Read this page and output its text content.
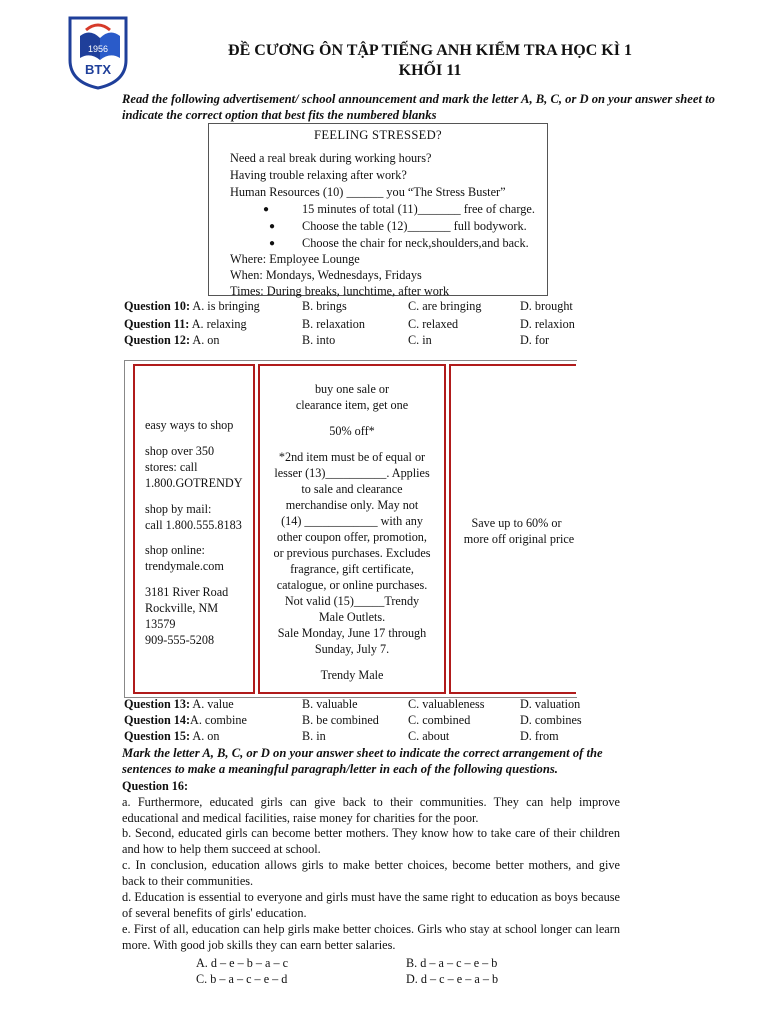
1956
BTX
ĐỀ CƯƠNG ÔN TẬP TIẾNG ANH KIỂM TRA HỌC KÌ 1
KHỐI 11
Read the following advertisement/ school announcement and mark the letter A, B, C, or D on your answer sheet to indicate the correct option that best fits the numbered blanks
FEELING STRESSED?
Need a real break during working hours?
Having trouble relaxing after work?
Human Resources (10) ______ you “The Stress Buster”
●	15 minutes of total (11)_______ free of charge.
● Choose the table (12)_______ full bodywork.
● Choose the chair for neck,shoulders,and back.
Where: Employee Lounge
When: Mondays, Wednesdays, Fridays
Times: During breaks, lunchtime, after work
Question 10: A. is bringing	B. brings	C. are bringing	D. brought
Question 11: A. relaxing	B. relaxation	C. relaxed	D. relaxion
Question 12: A. on	B. into	C. in	D. for
easy ways to shop
shop over 350
stores: call
1.800.GOTRENDY
shop by mail:
call 1.800.555.8183
shop online:
trendymale.com
3181 River Road
Rockville, NM
13579
909-555-5208
buy one sale or
clearance item, get one
50% off*
*2nd item must be of equal or
lesser (13)__________. Applies
to sale and clearance
merchandise only. May not
(14) ____________ with any
other coupon offer, promotion,
or previous purchases. Excludes
fragrance, gift certificate,
catalogue, or online purchases.
Not valid (15)_____Trendy
Male Outlets.
Sale Monday, June 17 through
Sunday, July 7.
Trendy Male
Save up to 60% or
more off original price
Question 13: A. value	B. valuable	C. valuableness	D. valuation
Question 14:A. combine	B. be combined C. combined	D. combines
Question 15: A. on	B. in	C. about	D. from
Mark the letter A, B, C, or D on your answer sheet to indicate the correct arrangement of the sentences to make a meaningful paragraph/letter in each of the following questions.
Question 16:
a. Furthermore, educated girls can give back to their communities. They can help improve educational and medical facilities, raise money for charities for the poor.
b. Second, educated girls can become better mothers. They know how to take care of their children and how to help them succeed at school.
c. In conclusion, education allows girls to make better choices, become better mothers, and give back to their communities.
d. Education is essential to everyone and girls must have the same right to education as boys because of several benefits of girls' education.
e. First of all, education can help girls make better choices. Girls who stay at school longer can learn more. With good job skills they can earn better salaries.
A. d – e – b – a – c	B. d – a – c – e – b
C. b – a – c – e – d	D. d – c – e – a – b
